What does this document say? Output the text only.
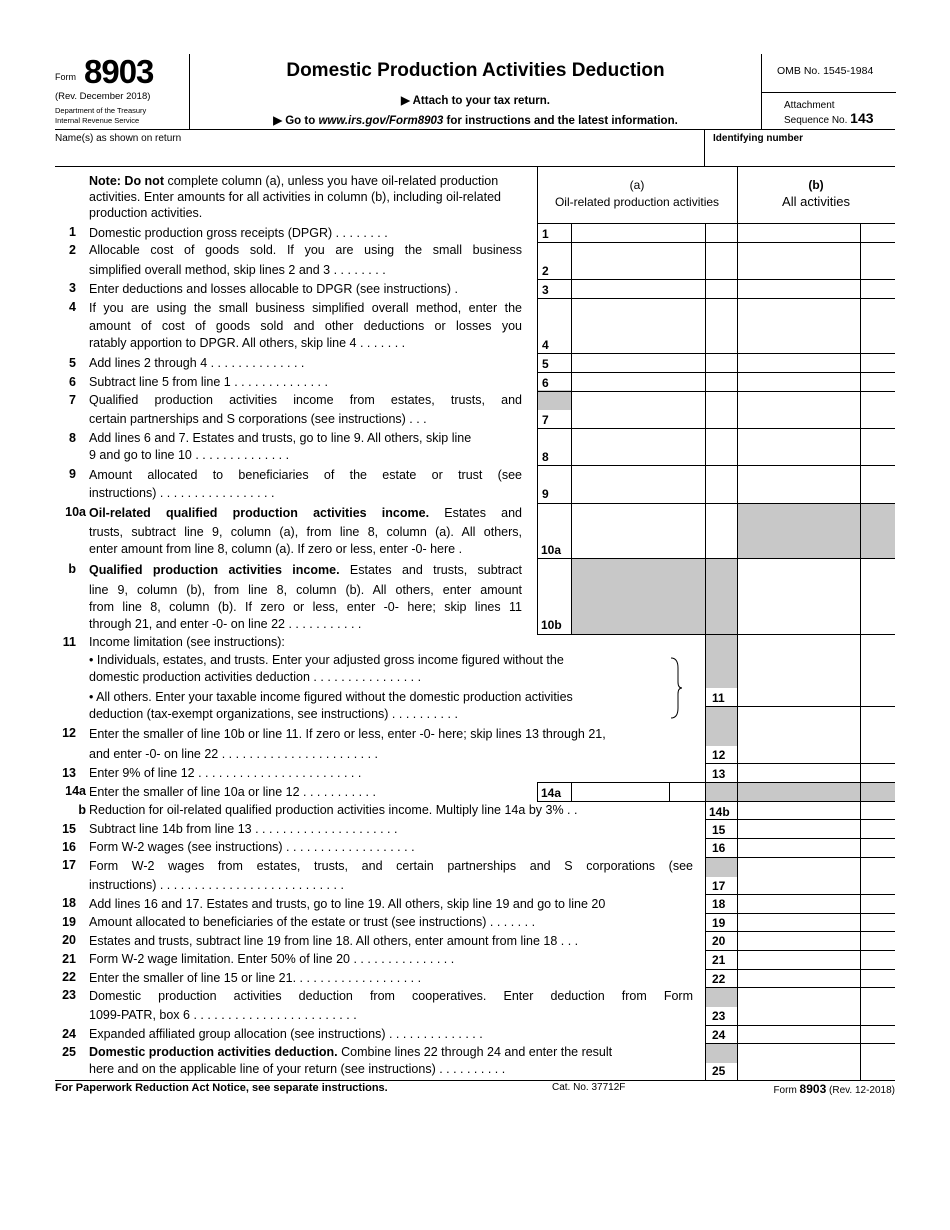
Form 8903
(Rev. December 2018)
Department of the Treasury
Internal Revenue Service
Domestic Production Activities Deduction
▶ Attach to your tax return.
▶ Go to www.irs.gov/Form8903 for instructions and the latest information.
OMB No. 1545-1984
Attachment
Sequence No. 143
Name(s) as shown on return	Identifying number
(a)
Oil-related production activities
(b)
All activities
Note: Do not complete column (a), unless you have oil-related production activities. Enter amounts for all activities in column (b), including oil-related production activities.
1 Domestic production gross receipts (DPGR) . . . . . . . .	1
2 Allocable cost of goods sold. If you are using the small business
simplified overall method, skip lines 2 and 3 . . . . . . . .	2
3 Enter deductions and losses allocable to DPGR (see instructions) .	3
4 If you are using the small business simplified overall method, enter the
amount of cost of goods sold and other deductions or losses you
ratably apportion to DPGR. All others, skip line 4 . . . . . . .	4
5 Add lines 2 through 4 . . . . . . . . . . . . . .	5
6 Subtract line 5 from line 1 . . . . . . . . . . . . . .	6
7 Qualified production activities income from estates, trusts, and
certain partnerships and S corporations (see instructions) . . .	7
8 Add lines 6 and 7. Estates and trusts, go to line 9. All others, skip line
9 and go to line 10 . . . . . . . . . . . . . .	8
9 Amount allocated to beneficiaries of the estate or trust (see
instructions) . . . . . . . . . . . . . . . . .	9
10a Oil-related qualified production activities income. Estates and
trusts, subtract line 9, column (a), from line 8, column (a). All others,
enter amount from line 8, column (a). If zero or less, enter -0- here .	10a
b Qualified production activities income. Estates and trusts, subtract
line 9, column (b), from line 8, column (b). All others, enter amount
from line 8, column (b). If zero or less, enter -0- here; skip lines 11
through 21, and enter -0- on line 22 . . . . . . . . . . .	10b
11 Income limitation (see instructions):
• Individuals, estates, and trusts. Enter your adjusted gross income figured without the
domestic production activities deduction . . . . . . . . . . . . . . . .
• All others. Enter your taxable income figured without the domestic production activities
deduction (tax-exempt organizations, see instructions) . . . . . . . . . .
11
12 Enter the smaller of line 10b or line 11. If zero or less, enter -0- here; skip lines 13 through 21,
and enter -0- on line 22 . . . . . . . . . . . . . . . . . . . . . . .	12
13 Enter 9% of line 12 . . . . . . . . . . . . . . . . . . . . . . . .	13
14a Enter the smaller of line 10a or line 12 . . . . . . . . . . .	14a
b Reduction for oil-related qualified production activities income. Multiply line 14a by 3% . .	14b
15 Subtract line 14b from line 13 . . . . . . . . . . . . . . . . . . . . .	15
16 Form W-2 wages (see instructions) . . . . . . . . . . . . . . . . . . .	16
17 Form W-2 wages from estates, trusts, and certain partnerships and S corporations (see
instructions) . . . . . . . . . . . . . . . . . . . . . . . . . . .	17
18 Add lines 16 and 17. Estates and trusts, go to line 19. All others, skip line 19 and go to line 20	18
19 Amount allocated to beneficiaries of the estate or trust (see instructions) . . . . . . .	19
20 Estates and trusts, subtract line 19 from line 18. All others, enter amount from line 18 . . .	20
21 Form W-2 wage limitation. Enter 50% of line 20 . . . . . . . . . . . . . . .	21
22 Enter the smaller of line 15 or line 21. . . . . . . . . . . . . . . . . . .	22
23 Domestic production activities deduction from cooperatives. Enter deduction from Form
1099-PATR, box 6 . . . . . . . . . . . . . . . . . . . . . . . .	23
24 Expanded affiliated group allocation (see instructions) . . . . . . . . . . . . . .	24
25 Domestic production activities deduction. Combine lines 22 through 24 and enter the result
here and on the applicable line of your return (see instructions) . . . . . . . . . .	25
For Paperwork Reduction Act Notice, see separate instructions.	Cat. No. 37712F	Form 8903 (Rev. 12-2018)
